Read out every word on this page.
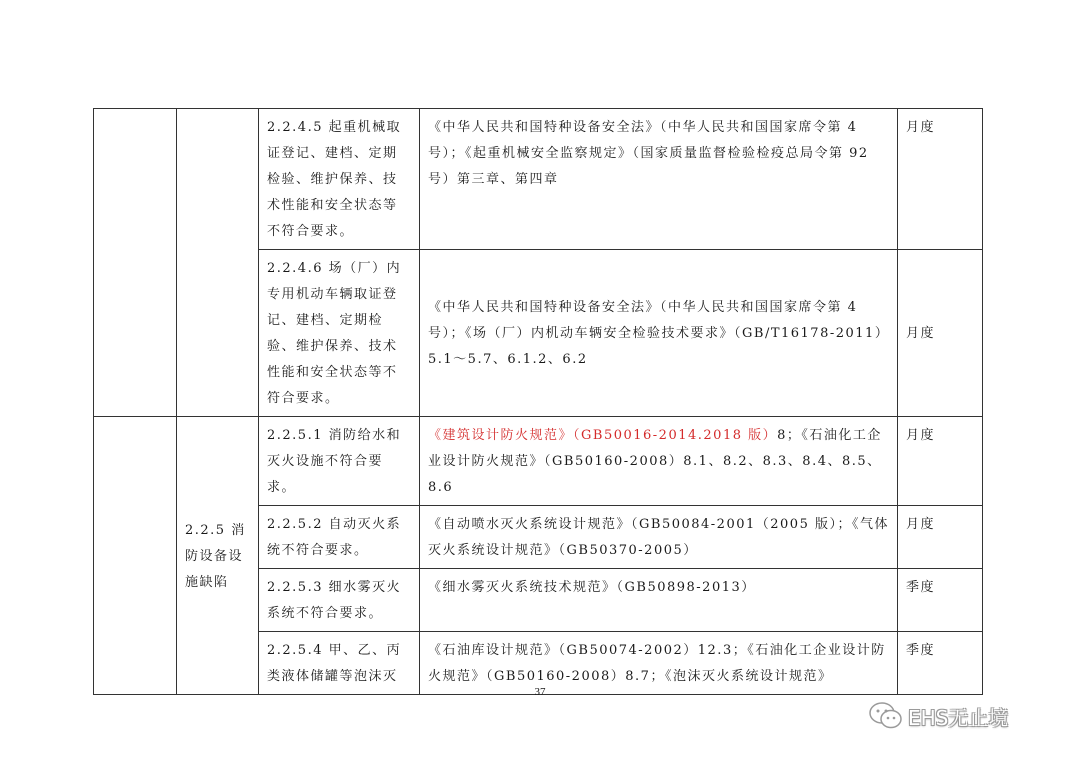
		2.2.4.5 起重机械取证登记、建档、定期检验、维护保养、技术性能和安全状态等不符合要求。	《中华人民共和国特种设备安全法》（中华人民共和国国家席令第 4 号）；《起重机械安全监察规定》（国家质量监督检验检疫总局令第 92 号）第三章、第四章	月度
		2.2.4.6 场（厂）内专用机动车辆取证登记、建档、定期检验、维护保养、技术性能和安全状态等不符合要求。	《中华人民共和国特种设备安全法》（中华人民共和国国家席令第 4 号）；《场（厂）内机动车辆安全检验技术要求》（GB/T16178-2011）5.1～5.7、6.1.2、6.2	月度
	2.2.5 消防设备设施缺陷	2.2.5.1 消防给水和灭火设施不符合要求。	《建筑设计防火规范》（GB50016-2014.2018 版）8；《石油化工企业设计防火规范》（GB50160-2008）8.1、8.2、8.3、8.4、8.5、8.6	月度
		2.2.5.2 自动灭火系统不符合要求。	《自动喷水灭火系统设计规范》（GB50084-2001（2005 版）；《气体灭火系统设计规范》（GB50370-2005）	月度
		2.2.5.3 细水雾灭火系统不符合要求。	《细水雾灭火系统技术规范》（GB50898-2013）	季度
		2.2.5.4 甲、乙、丙类液体储罐等泡沫灭	《石油库设计规范》（GB50074-2002）12.3；《石油化工企业设计防火规范》（GB50160-2008）8.7；《泡沫灭火系统设计规范》	季度
37
EHS无止境
